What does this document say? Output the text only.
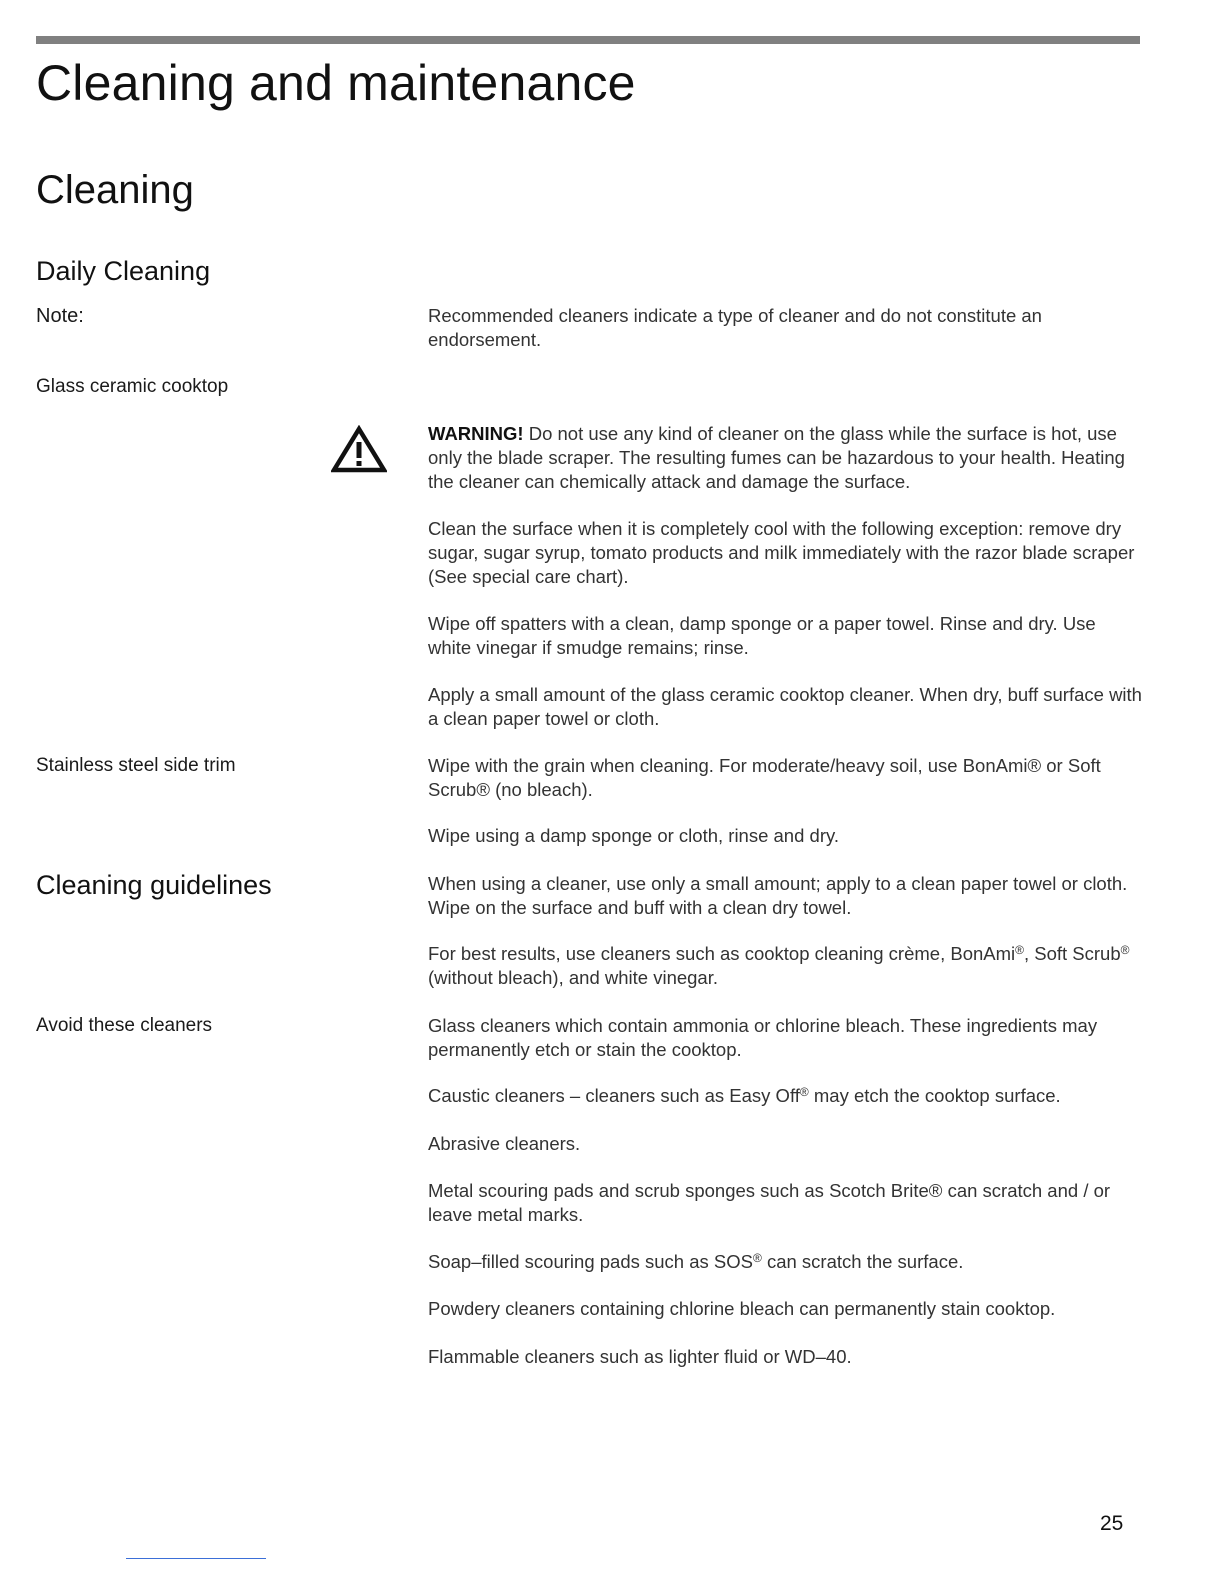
Cleaning and maintenance
Cleaning
Daily Cleaning

Note:	Recommended cleaners indicate a type of cleaner and do not constitute an endorsement.

Glass ceramic cooktop

WARNING! Do not use any kind of cleaner on the glass while the surface is hot, use only the blade scraper. The resulting fumes can be hazardous to your health. Heating the cleaner can chemically attack and damage the surface.

Clean the surface when it is completely cool with the following exception: remove dry sugar, sugar syrup, tomato products and milk immediately with the razor blade scraper (See special care chart).

Wipe off spatters with a clean, damp sponge or a paper towel. Rinse and dry. Use white vinegar if smudge remains; rinse.

Apply a small amount of the glass ceramic cooktop cleaner. When dry, buff surface with a clean paper towel or cloth.

Stainless steel side trim	Wipe with the grain when cleaning. For moderate/heavy soil, use BonAmi® or Soft Scrub® (no bleach).

Wipe using a damp sponge or cloth, rinse and dry.

Cleaning guidelines	When using a cleaner, use only a small amount; apply to a clean paper towel or cloth. Wipe on the surface and buff with a clean dry towel.

For best results, use cleaners such as cooktop cleaning crème, BonAmi®, Soft Scrub® (without bleach), and white vinegar.

Avoid these cleaners	Glass cleaners which contain ammonia or chlorine bleach. These ingredients may permanently etch or stain the cooktop.

Caustic cleaners – cleaners such as Easy Off® may etch the cooktop surface.

Abrasive cleaners.

Metal scouring pads and scrub sponges such as Scotch Brite® can scratch and / or leave metal marks.

Soap–filled scouring pads such as SOS® can scratch the surface.

Powdery cleaners containing chlorine bleach can permanently stain cooktop.

Flammable cleaners such as lighter fluid or WD–40.

25
